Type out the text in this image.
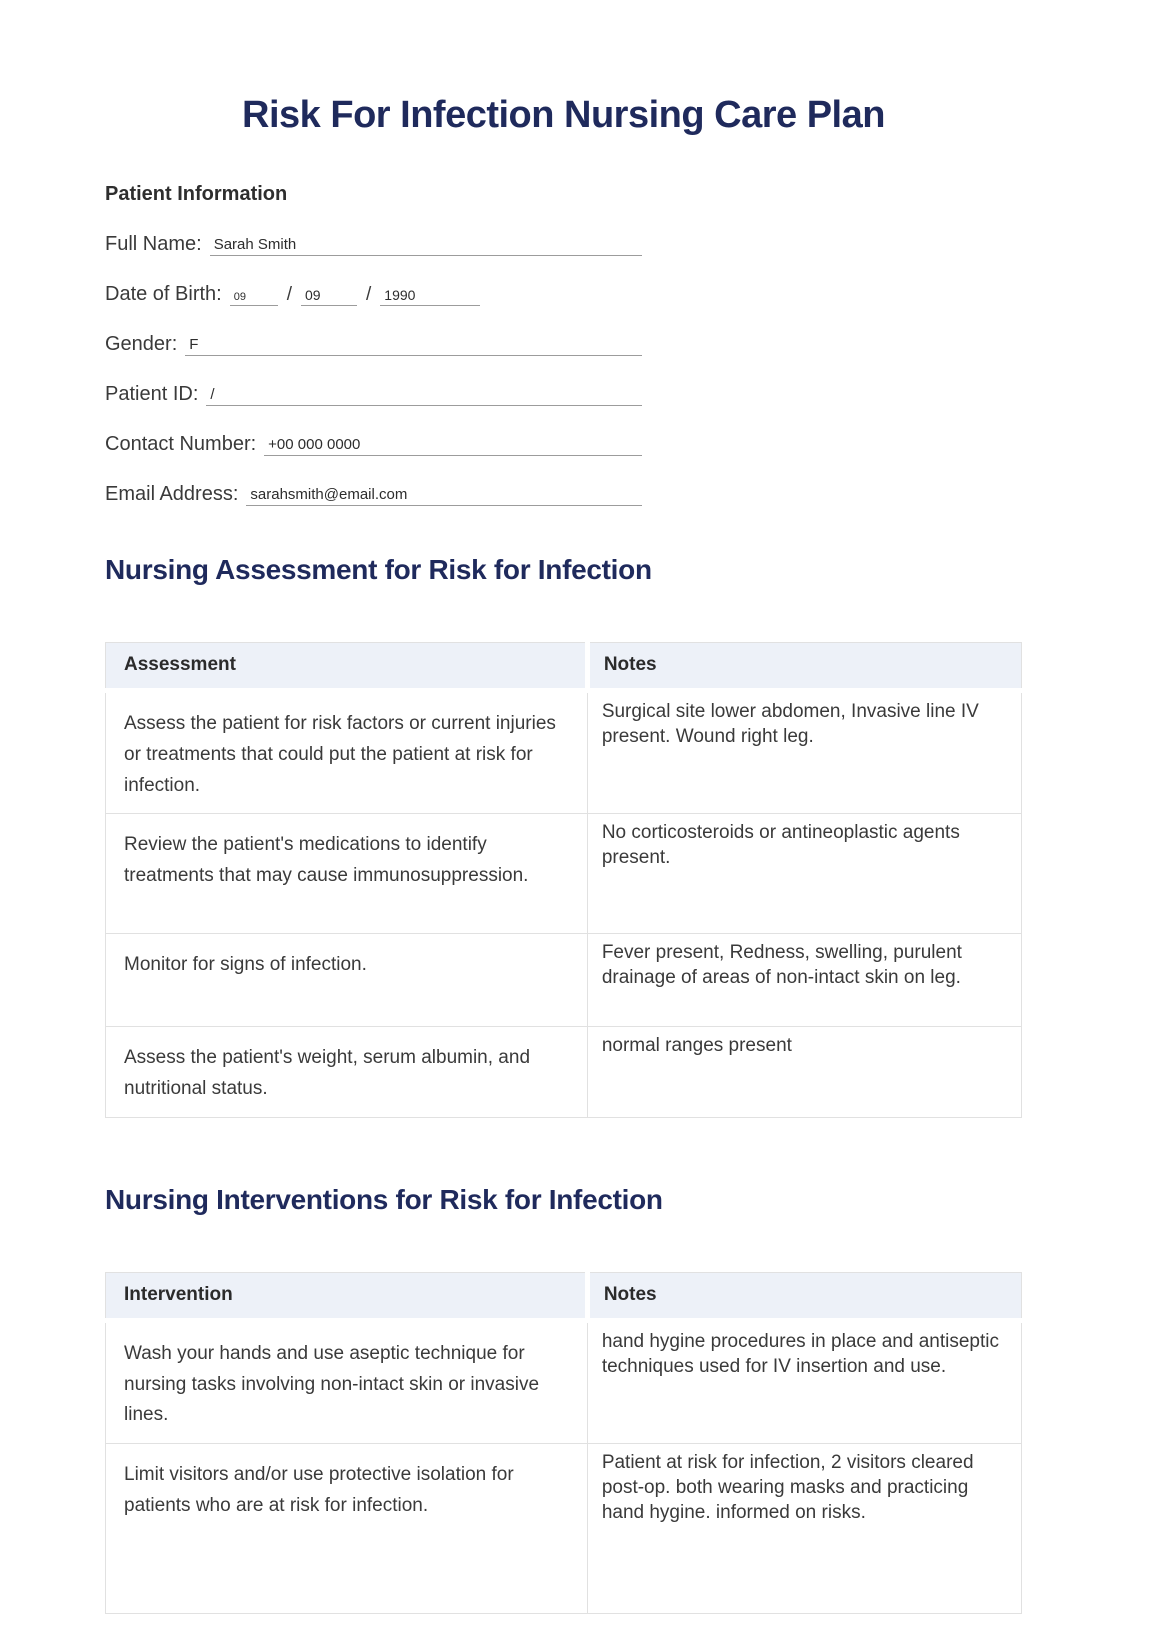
Risk For Infection Nursing Care Plan
Patient Information
Full Name: Sarah Smith
Date of Birth:	09	/ 09	/ 1990
Gender: F
Patient ID: /
Contact Number: +00 000 0000
Email Address: sarahsmith@email.com
Nursing Assessment for Risk for Infection
Assessment	Notes
Assess the patient for risk factors or current injuries or treatments that could put the patient at risk for infection.	Surgical site lower abdomen, Invasive line IV present. Wound right leg.
Review the patient's medications to identify treatments that may cause immunosuppression.	No corticosteroids or antineoplastic agents present.
Monitor for signs of infection.	Fever present, Redness, swelling, purulent drainage of areas of non-intact skin on leg.
Assess the patient's weight, serum albumin, and nutritional status.	normal ranges present
Nursing Interventions for Risk for Infection
Intervention	Notes
Wash your hands and use aseptic technique for nursing tasks involving non-intact skin or invasive lines.	hand hygine procedures in place and antiseptic techniques used for IV insertion and use.
Limit visitors and/or use protective isolation for patients who are at risk for infection.	Patient at risk for infection, 2 visitors cleared post-op. both wearing masks and practicing hand hygine. informed on risks.
